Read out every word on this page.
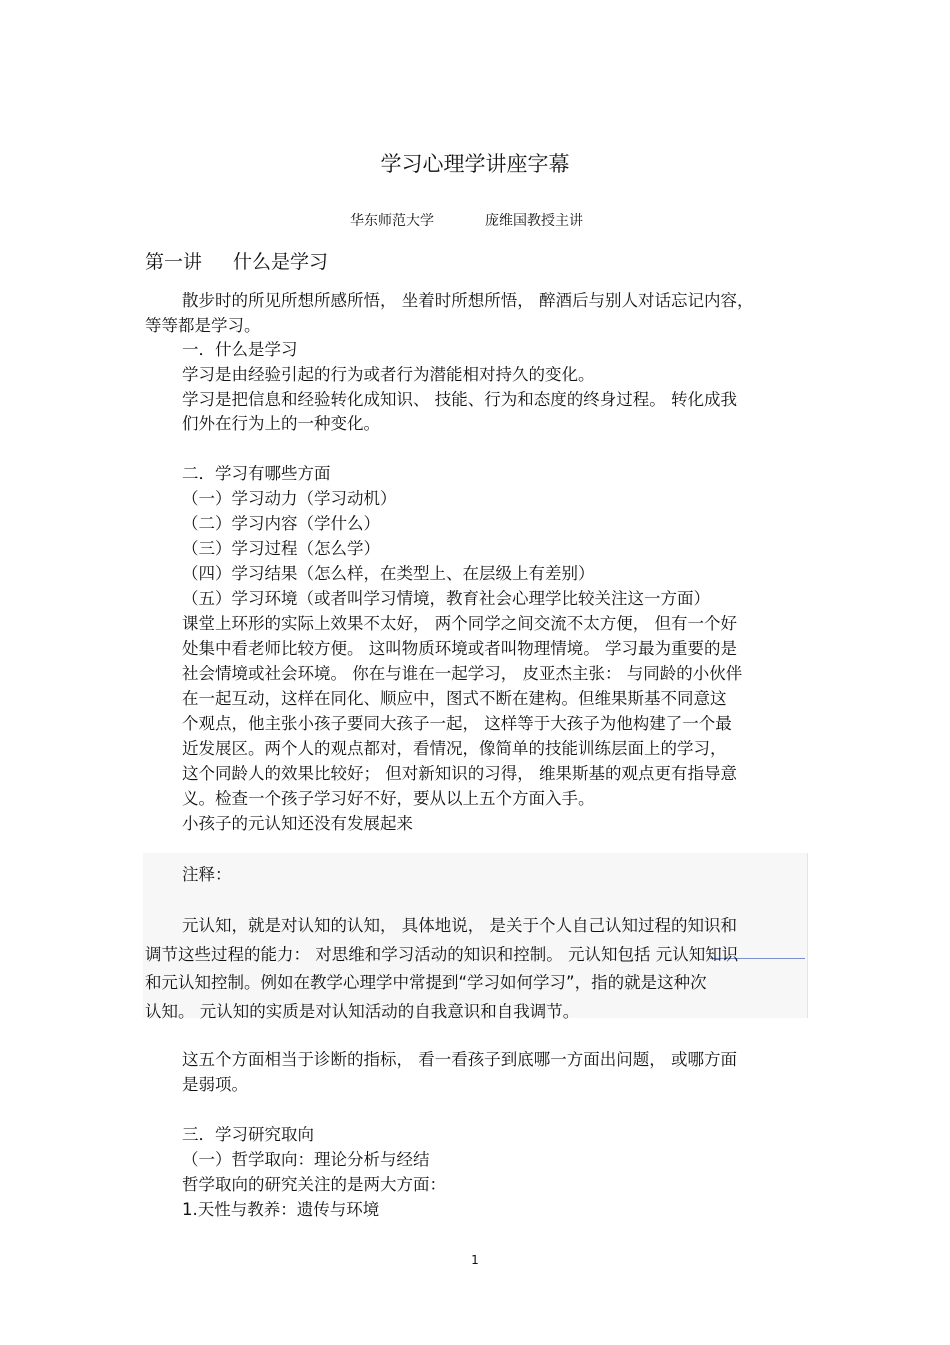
学习心理学讲座字幕
华东师范大学	庞维国教授主讲
第一讲 什么是学习
散步时的所见所想所感所悟， 坐着时所想所悟， 醉酒后与别人对话忘记内容，
等等都是学习。
一．什么是学习
学习是由经验引起的行为或者行为潜能相对持久的变化。
学习是把信息和经验转化成知识、 技能、行为和态度的终身过程。 转化成我
们外在行为上的一种变化。
二．学习有哪些方面
（一）学习动力（学习动机）
（二）学习内容（学什么）
（三）学习过程（怎么学）
（四）学习结果（怎么样，在类型上、在层级上有差别）
（五）学习环境（或者叫学习情境，教育社会心理学比较关注这一方面）
课堂上环形的实际上效果不太好， 两个同学之间交流不太方便， 但有一个好
处集中看老师比较方便。 这叫物质环境或者叫物理情境。 学习最为重要的是
社会情境或社会环境。 你在与谁在一起学习， 皮亚杰主张： 与同龄的小伙伴
在一起互动，这样在同化、顺应中，图式不断在建构。但维果斯基不同意这
个观点，他主张小孩子要同大孩子一起， 这样等于大孩子为他构建了一个最
近发展区。两个人的观点都对，看情况，像简单的技能训练层面上的学习，
这个同龄人的效果比较好； 但对新知识的习得， 维果斯基的观点更有指导意
义。检查一个孩子学习好不好，要从以上五个方面入手。
小孩子的元认知还没有发展起来
注释：
元认知，就是对认知的认知， 具体地说， 是关于个人自己认知过程的知识和
调节这些过程的能力： 对思维和学习活动的知识和控制。 元认知包括 元认知知识
和元认知控制。例如在教学心理学中常提到“学习如何学习”，指的就是这种次
认知。 元认知的实质是对认知活动的自我意识和自我调节。
这五个方面相当于诊断的指标， 看一看孩子到底哪一方面出问题， 或哪方面
是弱项。
三．学习研究取向
（一）哲学取向：理论分析与经结
哲学取向的研究关注的是两大方面：
1.天性与教养：遗传与环境
1
